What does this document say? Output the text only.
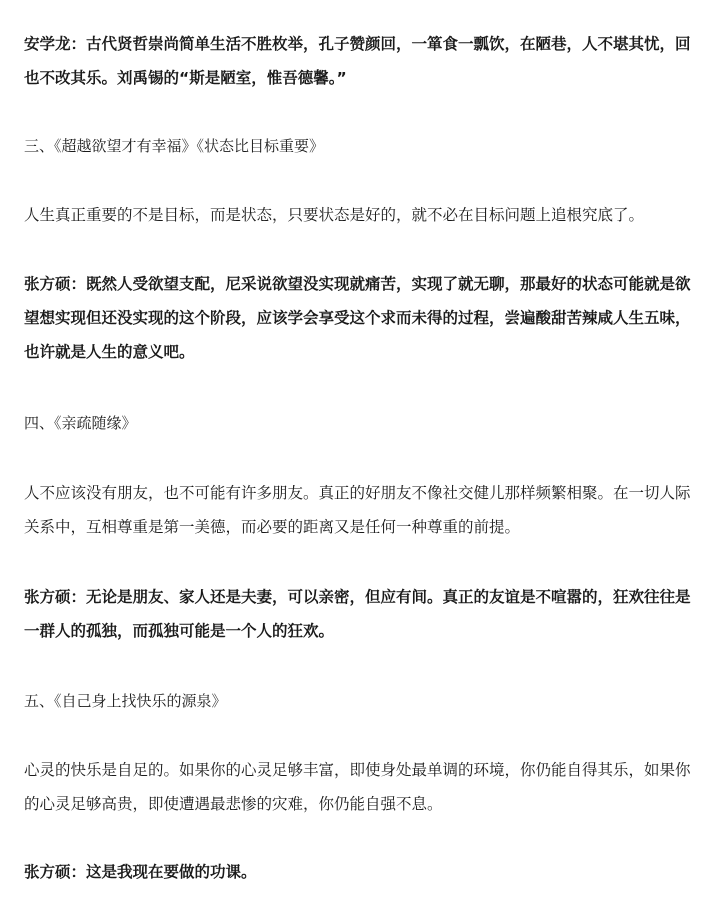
安学龙：古代贤哲崇尚简单生活不胜枚举，孔子赞颜回，一箪食一瓢饮，在陋巷，人不堪其忧，回也不改其乐。刘禹锡的“斯是陋室，惟吾德馨。”

三、《超越欲望才有幸福》《状态比目标重要》

人生真正重要的不是目标，而是状态，只要状态是好的，就不必在目标问题上追根究底了。

张方硕：既然人受欲望支配，尼采说欲望没实现就痛苦，实现了就无聊，那最好的状态可能就是欲望想实现但还没实现的这个阶段，应该学会享受这个求而未得的过程，尝遍酸甜苦辣咸人生五味，也许就是人生的意义吧。

四、《亲疏随缘》

人不应该没有朋友，也不可能有许多朋友。真正的好朋友不像社交健儿那样频繁相聚。在一切人际关系中，互相尊重是第一美德，而必要的距离又是任何一种尊重的前提。

张方硕：无论是朋友、家人还是夫妻，可以亲密，但应有间。真正的友谊是不喧嚣的，狂欢往往是一群人的孤独，而孤独可能是一个人的狂欢。

五、《自己身上找快乐的源泉》

心灵的快乐是自足的。如果你的心灵足够丰富，即使身处最单调的环境，你仍能自得其乐，如果你的心灵足够高贵，即使遭遇最悲惨的灾难，你仍能自强不息。

张方硕：这是我现在要做的功课。
